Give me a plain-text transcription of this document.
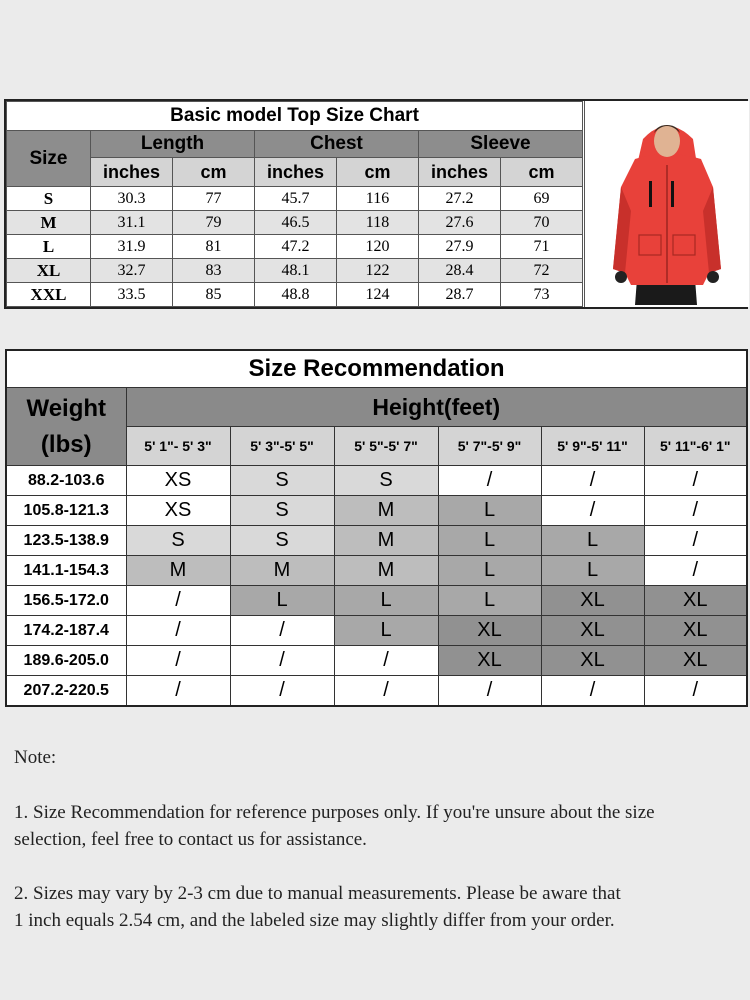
Basic model Top Size Chart						
Size	Length		Chest		Sleeve	
	inches	cm	inches	cm	inches	cm
S	30.3	77	45.7	116	27.2	69
M	31.1	79	46.5	118	27.6	70
L	31.9	81	47.2	120	27.9	71
XL	32.7	83	48.1	122	28.4	72
XXL	33.5	85	48.8	124	28.7	73
Size Recommendation						

Weight
(lbs)	Height(feet)					
	5' 1"- 5' 3"	5' 3"-5' 5"	5' 5"-5' 7"	5' 7"-5' 9"	5' 9"-5' 11"	5' 11"-6' 1"
88.2-103.6	XS	S	S	/	/	/
105.8-121.3	XS	S	M	L	/	/
123.5-138.9	S	S	M	L	L	/
141.1-154.3	M	M	M	L	L	/
156.5-172.0	/	L	L	L	XL	XL
174.2-187.4	/	/	L	XL	XL	XL
189.6-205.0	/	/	/	XL	XL	XL
207.2-220.5	/	/	/	/	/	/

Note:

1. Size Recommendation for reference purposes only. If you're unsure about the size

selection, feel free to contact us for assistance.

2. Sizes may vary by 2-3 cm due to manual measurements. Please be aware that

1 inch equals 2.54 cm, and the labeled size may slightly differ from your order.
